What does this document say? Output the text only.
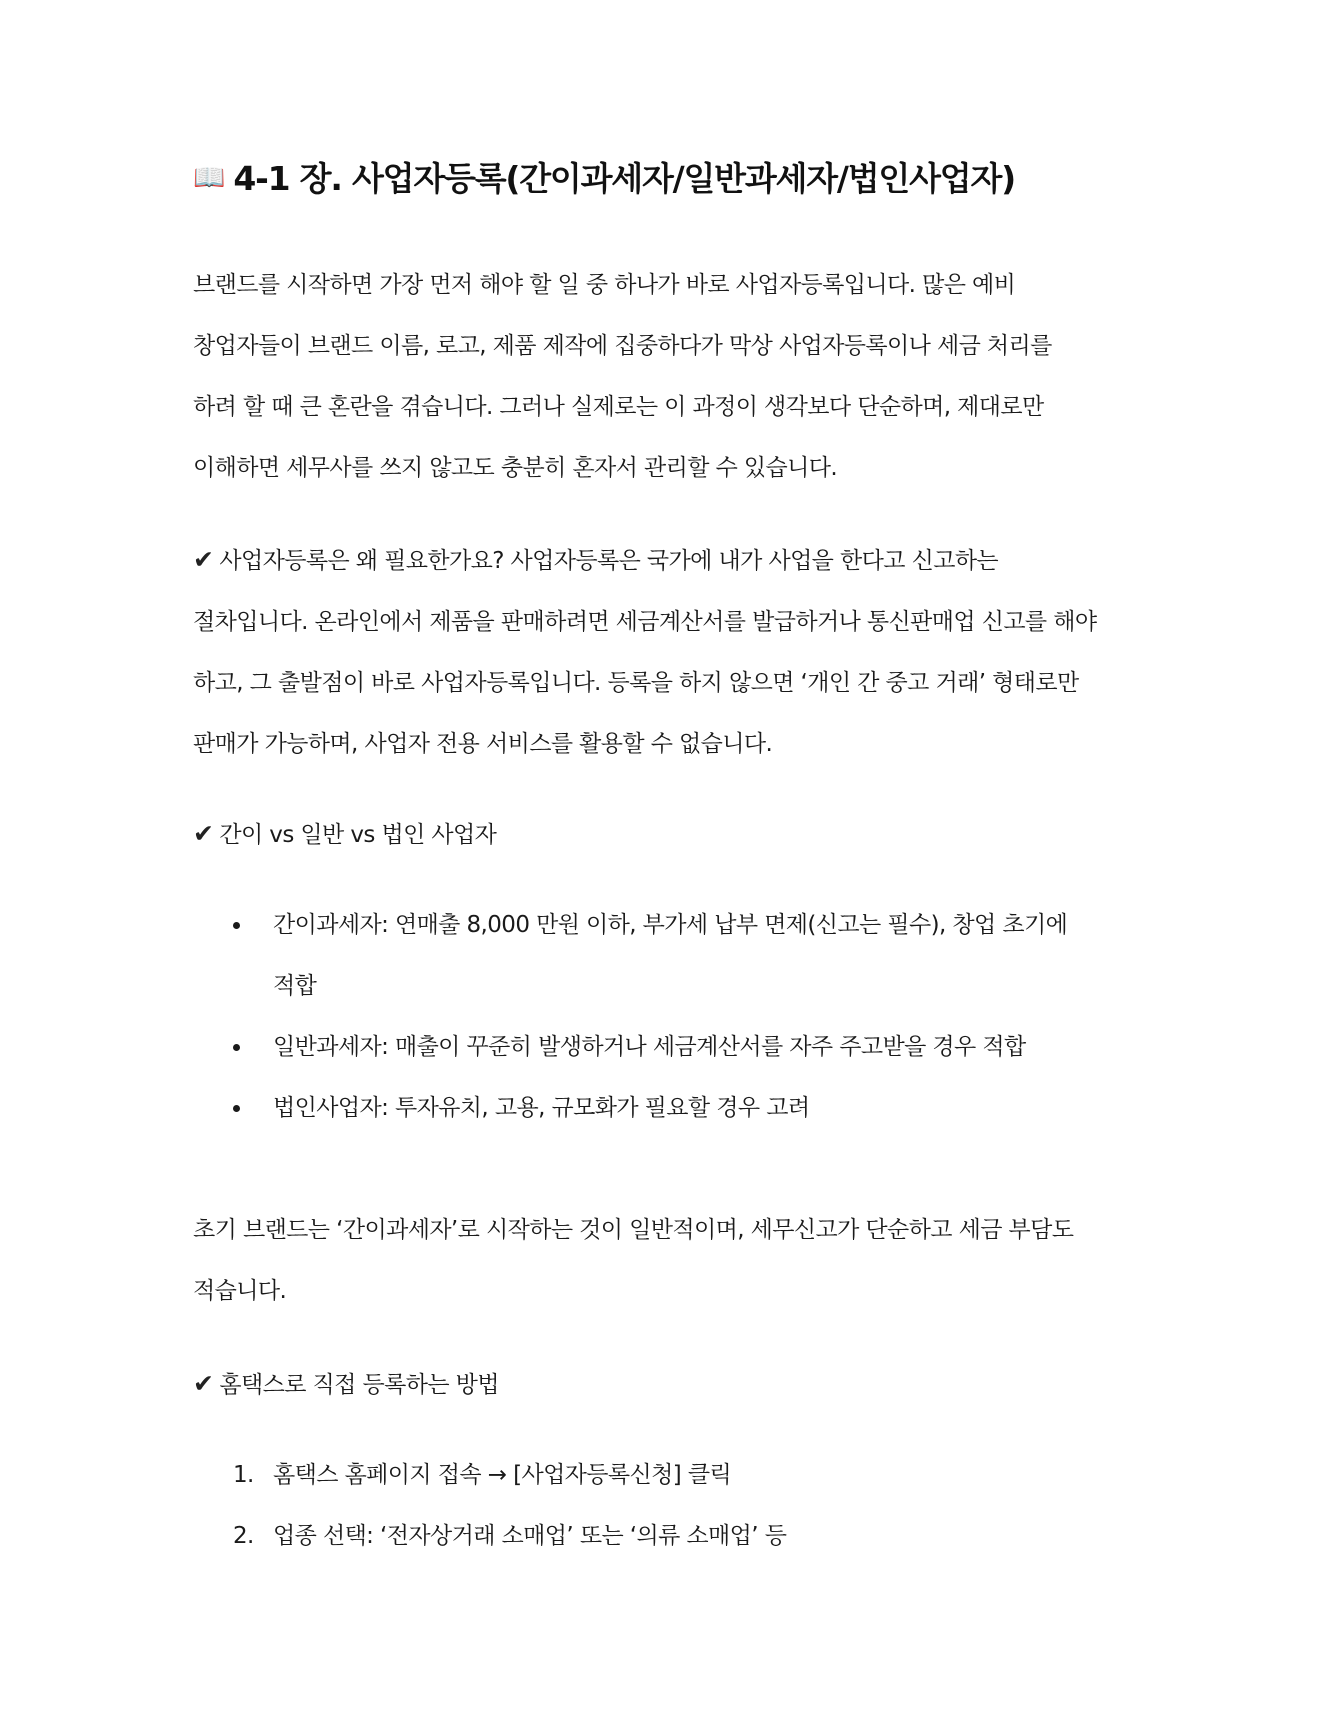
📖 4-1 장. 사업자등록(간이과세자/일반과세자/법인사업자)

브랜드를 시작하면 가장 먼저 해야 할 일 중 하나가 바로 사업자등록입니다. 많은 예비
창업자들이 브랜드 이름, 로고, 제품 제작에 집중하다가 막상 사업자등록이나 세금 처리를
하려 할 때 큰 혼란을 겪습니다. 그러나 실제로는 이 과정이 생각보다 단순하며, 제대로만
이해하면 세무사를 쓰지 않고도 충분히 혼자서 관리할 수 있습니다.

✔ 사업자등록은 왜 필요한가요? 사업자등록은 국가에 내가 사업을 한다고 신고하는
절차입니다. 온라인에서 제품을 판매하려면 세금계산서를 발급하거나 통신판매업 신고를 해야
하고, 그 출발점이 바로 사업자등록입니다. 등록을 하지 않으면 ‘개인 간 중고 거래’ 형태로만
판매가 가능하며, 사업자 전용 서비스를 활용할 수 없습니다.

✔ 간이 vs 일반 vs 법인 사업자

간이과세자: 연매출 8,000 만원 이하, 부가세 납부 면제(신고는 필수), 창업 초기에
적합
일반과세자: 매출이 꾸준히 발생하거나 세금계산서를 자주 주고받을 경우 적합
법인사업자: 투자유치, 고용, 규모화가 필요할 경우 고려

초기 브랜드는 ‘간이과세자’로 시작하는 것이 일반적이며, 세무신고가 단순하고 세금 부담도
적습니다.

✔ 홈택스로 직접 등록하는 방법

1. 홈택스 홈페이지 접속 → [사업자등록신청] 클릭
2. 업종 선택: ‘전자상거래 소매업’ 또는 ‘의류 소매업’ 등
